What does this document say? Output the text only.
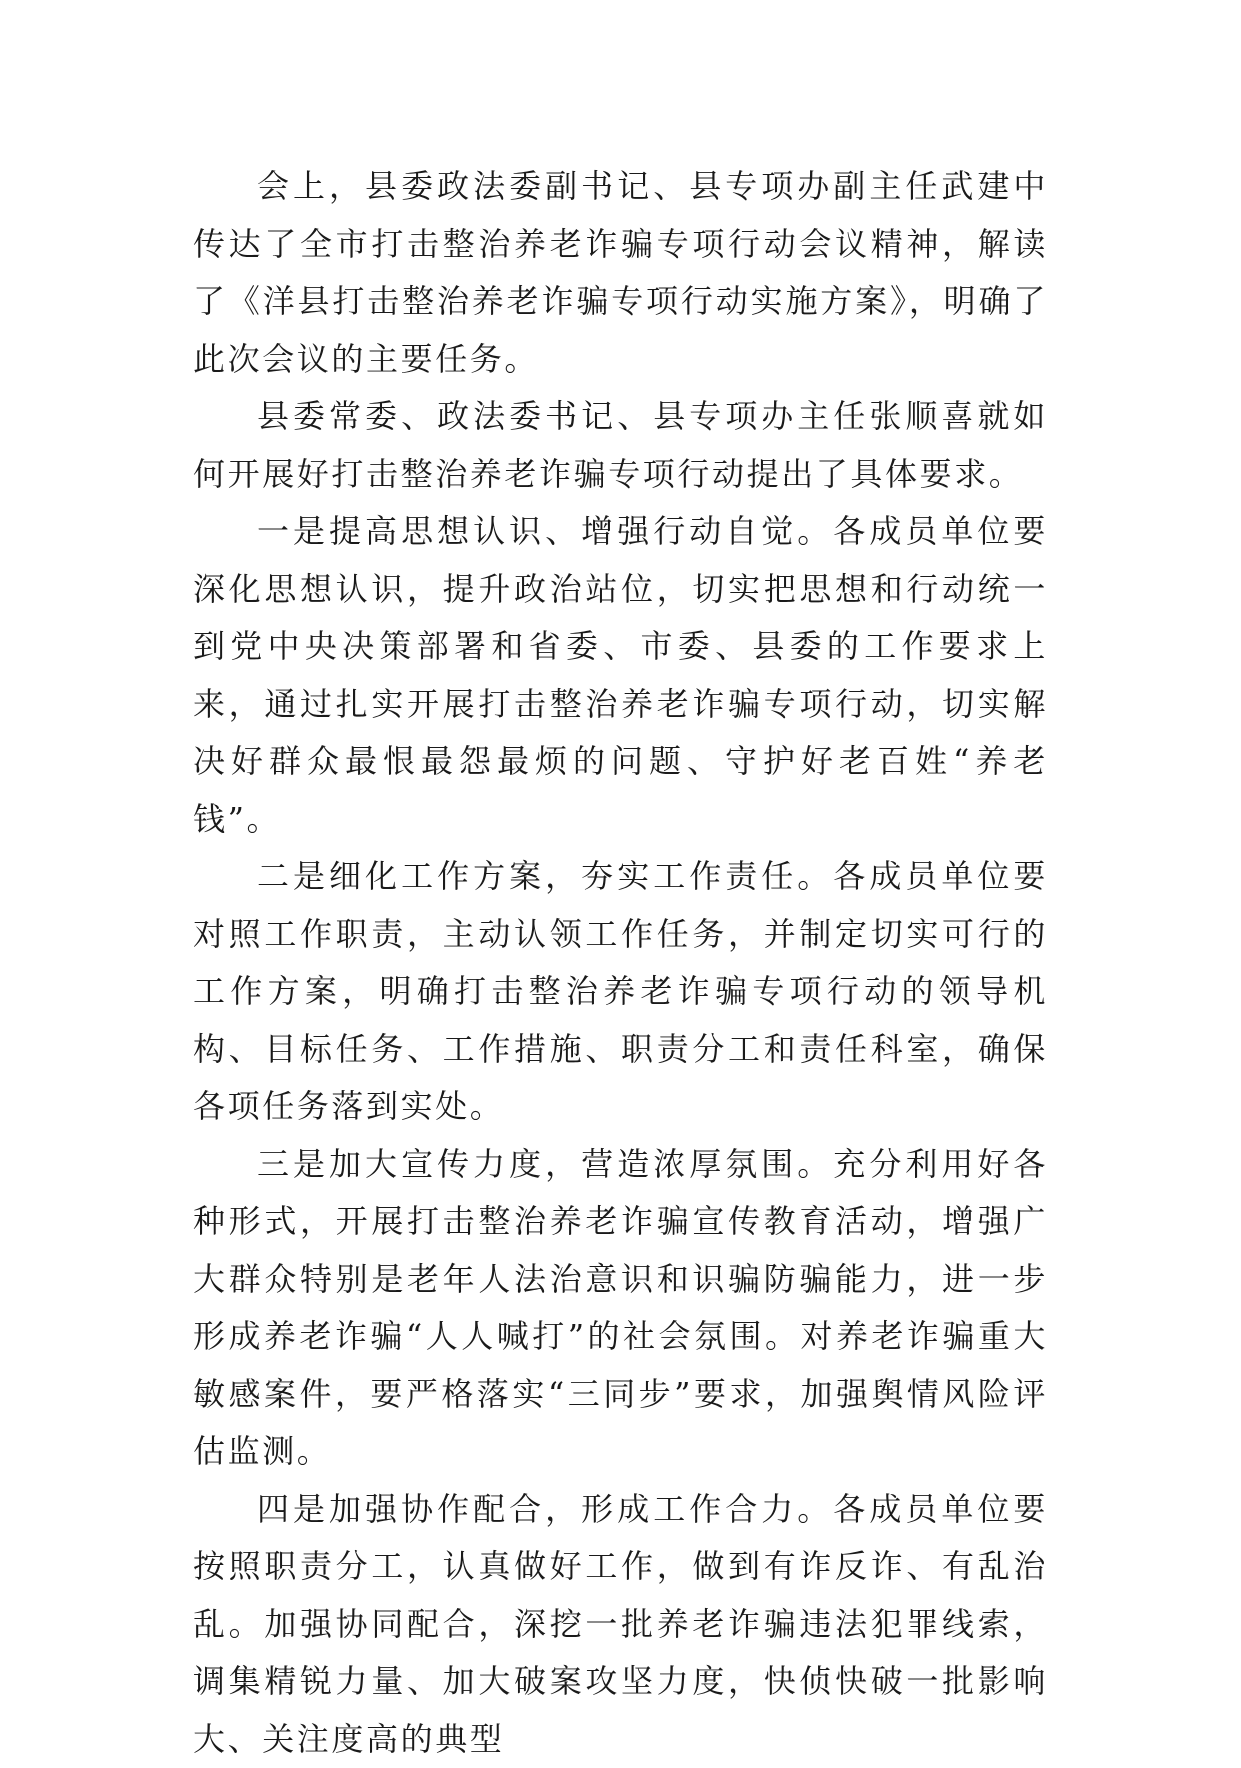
会上，县委政法委副书记、县专项办副主任武建中传达了全市打击整治养老诈骗专项行动会议精神，解读了《洋县打击整治养老诈骗专项行动实施方案》，明确了此次会议的主要任务。

县委常委、政法委书记、县专项办主任张顺喜就如何开展好打击整治养老诈骗专项行动提出了具体要求。

一是提高思想认识、增强行动自觉。各成员单位要深化思想认识，提升政治站位，切实把思想和行动统一到党中央决策部署和省委、市委、县委的工作要求上来，通过扎实开展打击整治养老诈骗专项行动，切实解决好群众最恨最怨最烦的问题、守护好老百姓“养老钱”。

二是细化工作方案，夯实工作责任。各成员单位要对照工作职责，主动认领工作任务，并制定切实可行的工作方案，明确打击整治养老诈骗专项行动的领导机构、目标任务、工作措施、职责分工和责任科室，确保各项任务落到实处。

三是加大宣传力度，营造浓厚氛围。充分利用好各种形式，开展打击整治养老诈骗宣传教育活动，增强广大群众特别是老年人法治意识和识骗防骗能力，进一步形成养老诈骗“人人喊打”的社会氛围。对养老诈骗重大敏感案件，要严格落实“三同步”要求，加强舆情风险评估监测。

四是加强协作配合，形成工作合力。各成员单位要按照职责分工，认真做好工作，做到有诈反诈、有乱治乱。加强协同配合，深挖一批养老诈骗违法犯罪线索，调集精锐力量、加大破案攻坚力度，快侦快破一批影响大、关注度高的典型
